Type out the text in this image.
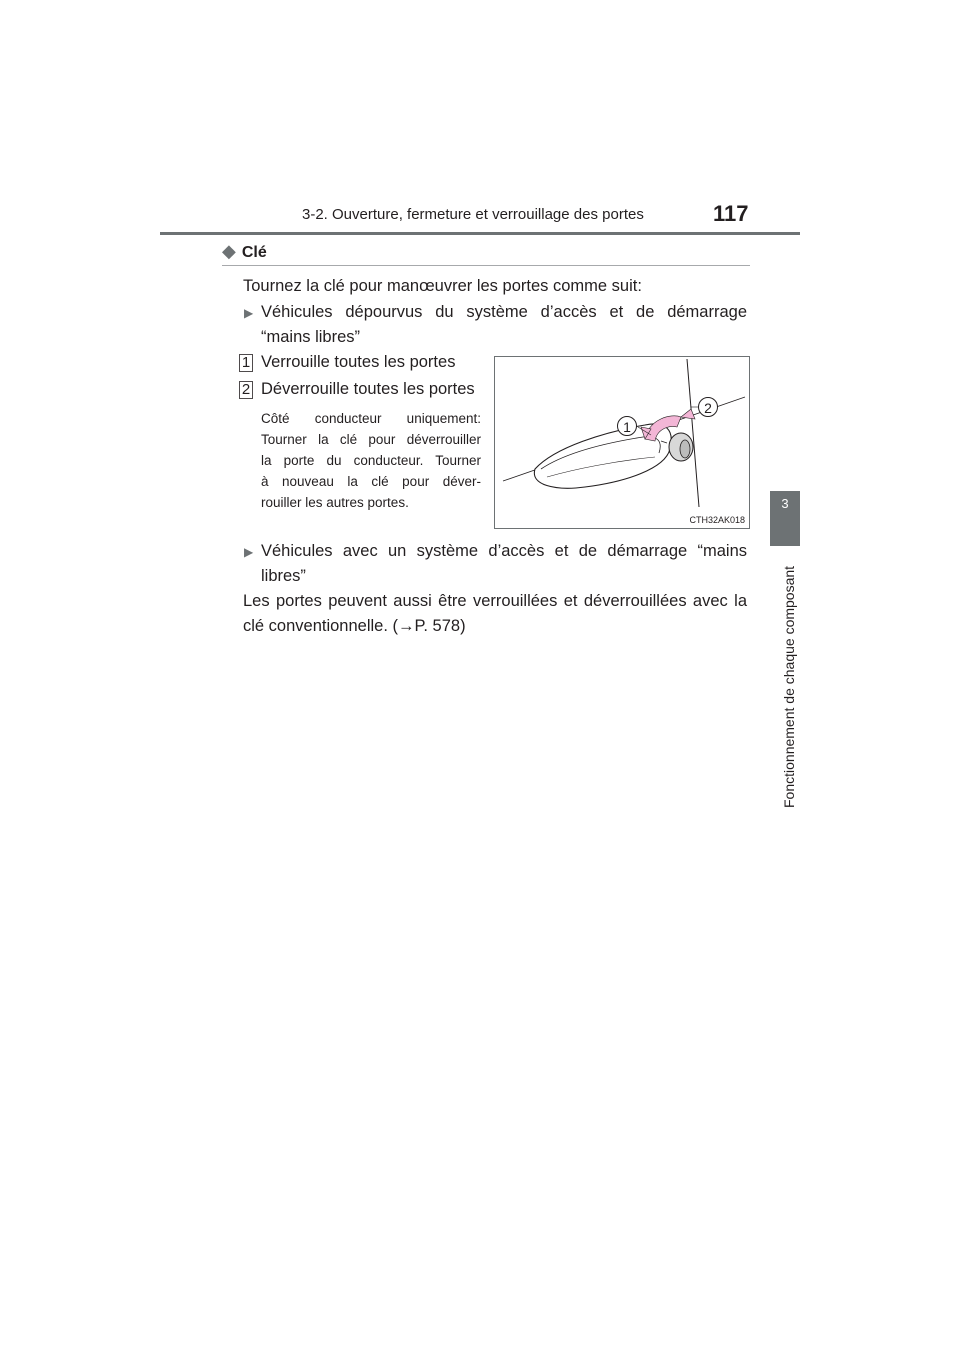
3-2. Ouverture, fermeture et verrouillage des portes	117
3
Fonctionnement de chaque composant
◆ Clé
Tournez la clé pour manœuvrer les portes comme suit:
▶ Véhicules dépourvus du système d’accès et de démarrage
“mains libres”
1 Verrouille toutes les portes
2 Déverrouille toutes les portes
Côté conducteur uniquement:
Tourner la clé pour déverrouiller
la porte du conducteur. Tourner
à nouveau la clé pour déver-
rouiller les autres portes.
1
2
CTH32AK018
▶ Véhicules avec un système d’accès et de démarrage “mains
libres”
Les portes peuvent aussi être verrouillées et déverrouillées avec la
clé conventionnelle. (→P. 578)
